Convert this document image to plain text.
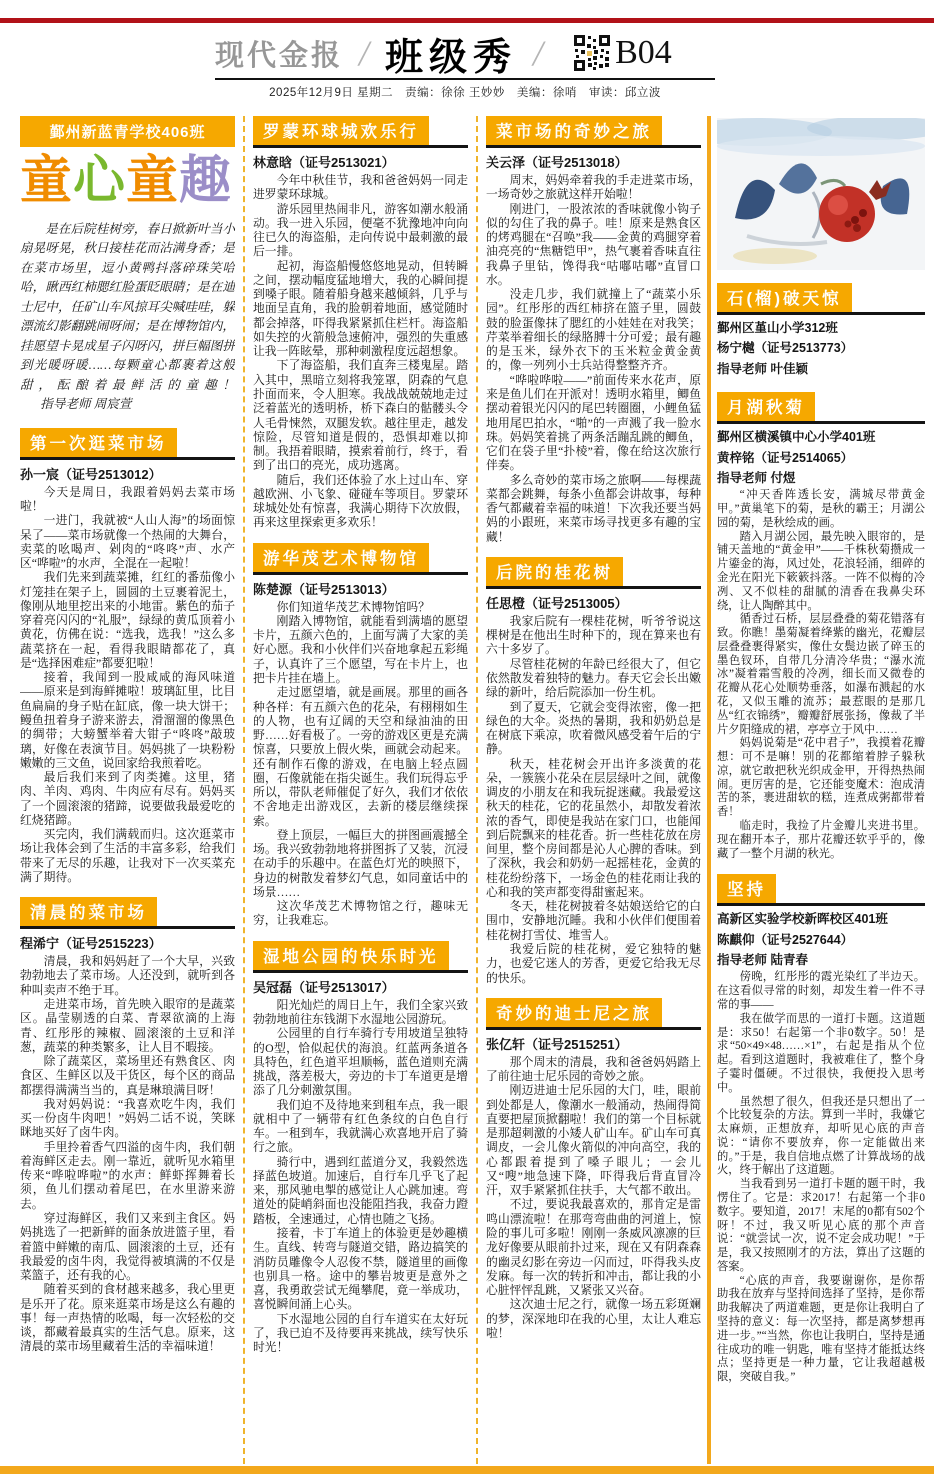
现代金报 / 班级秀 / B04
2025年12月9日 星期二　责编：徐徐 王妙妙　美编：徐哨　审读：邱立波
鄞州新蓝青学校406班
童心童趣

是在后院桂树旁，春日掀新叶当小扇晃呀晃，秋日接桂花而沾满身香；是在菜市场里，逗小黄鸭抖落碎珠笑哈哈，瞅西红柿腮红脸蛋眨眼睛；是在迪士尼中，任矿山车风掠耳尖喊哇哇，躲漂流幻影翻跳闹呀闹；是在博物馆内，挂愿望卡晃成星子闪呀闪，拼巨幅图拼到光暖呀暖……每颗童心都裹着这般甜，酝酿着最鲜活的童趣！指导老师 周宸萱

第一次逛菜市场
孙一宸（证号2513012）

今天是周日，我跟着妈妈去菜市场啦！

一进门，我就被“人山人海”的场面惊呆了——菜市场就像一个热闹的大舞台，卖菜的吆喝声、剁肉的“咚咚”声、水产区“哗啦”的水声，全混在一起啦！

我们先来到蔬菜摊，红红的番茄像小灯笼挂在架子上，圆圆的土豆裹着泥土，像刚从地里挖出来的小地雷。紫色的茄子穿着亮闪闪的“礼服”，绿绿的黄瓜顶着小黄花，仿佛在说：“选我，选我！”这么多蔬菜挤在一起，看得我眼睛都花了，真是“选择困难症”都要犯啦！

接着，我闻到一股咸咸的海风味道——原来是到海鲜摊啦！玻璃缸里，比目鱼扁扁的身子贴在缸底，像一块大饼干；鳗鱼扭着身子游来游去，滑溜溜的像黑色的绸带；大螃蟹举着大钳子“咚咚”敲玻璃，好像在表演节目。妈妈挑了一块粉粉嫩嫩的三文鱼，说回家给我煎着吃。

最后我们来到了肉类摊。这里，猪肉、羊肉、鸡肉、牛肉应有尽有。妈妈买了一个圆滚滚的猪蹄，说要做我最爱吃的红烧猪蹄。

买完肉，我们满载而归。这次逛菜市场让我体会到了生活的丰富多彩，给我们带来了无尽的乐趣，让我对下一次买菜充满了期待。

清晨的菜市场
程浠宁（证号2515223）

清晨，我和妈妈赶了一个大早，兴致勃勃地去了菜市场。人还没到，就听到各种叫卖声不绝于耳。

走进菜市场，首先映入眼帘的是蔬菜区。晶莹剔透的白菜、青翠欲滴的上海青、红彤彤的辣椒、圆滚滚的土豆和洋葱，蔬菜的种类繁多，让人目不暇接。

除了蔬菜区，菜场里还有熟食区、肉食区、生鲜区以及干货区，每个区的商品都摆得满满当当的，真是琳琅满目呀！

我对妈妈说：“我喜欢吃牛肉，我们买一份卤牛肉吧！”妈妈二话不说，笑眯眯地买好了卤牛肉。

手里拎着香气四溢的卤牛肉，我们朝着海鲜区走去。刚一靠近，就听见水箱里传来“哗啦哗啦”的水声：鲜虾挥舞着长须，鱼儿们摆动着尾巴，在水里游来游去。

穿过海鲜区，我们又来到主食区。妈妈挑选了一把新鲜的面条放进篮子里，看着篮中鲜嫩的南瓜、圆滚滚的土豆，还有我最爱的卤牛肉，我觉得被填满的不仅是菜篮子，还有我的心。

随着买到的食材越来越多，我心里更是乐开了花。原来逛菜市场是这么有趣的事！每一声热情的吆喝，每一次轻松的交谈，都藏着最真实的生活气息。原来，这清晨的菜市场里藏着生活的幸福味道！

罗蒙环球城欢乐行
林意晗（证号2513021）

今年中秋佳节，我和爸爸妈妈一同走进罗蒙环球城。

游乐园里热闹非凡，游客如潮水般涌动。我一进入乐园，便毫不犹豫地冲向向往已久的海盗船，走向传说中最刺激的最后一排。

起初，海盗船慢悠悠地晃动，但转瞬之间，摆动幅度猛地增大，我的心瞬间提到嗓子眼。随着船身越来越倾斜，几乎与地面呈直角，我的脸朝着地面，感觉随时都会掉落，吓得我紧紧抓住栏杆。海盗船如失控的火箭般急速俯冲，强烈的失重感让我一阵眩晕，那种刺激程度远超想象。

下了海盗船，我们直奔三楼鬼屋。踏入其中，黑暗立刻将我笼罩，阴森的气息扑面而来，令人胆寒。我战战兢兢地走过泛着蓝光的透明桥，桥下森白的骷髅头令人毛骨悚然，双腿发软。越往里走，越发惊险，尽管知道是假的，恐惧却难以抑制。我捂着眼睛，摸索着前行，终于，看到了出口的亮光，成功逃离。

随后，我们还体验了水上过山车、穿越欧洲、小飞象、碰碰车等项目。罗蒙环球城处处有惊喜，我满心期待下次放假，再来这里探索更多欢乐！

游华茂艺术博物馆
陈楚源（证号2513013）

你们知道华茂艺术博物馆吗？

刚踏入博物馆，就能看到满墙的愿望卡片，五颜六色的，上面写满了大家的美好心愿。我和小伙伴们兴奋地拿起五彩绳子，认真许了三个愿望，写在卡片上，也把卡片挂在墙上。

走过愿望墙，就是画展。那里的画各种各样：有五颜六色的花朵，有栩栩如生的人物，也有辽阔的天空和绿油油的田野……好看极了。一旁的游戏区更是充满惊喜，只要放上假火柴，画就会动起来。还有制作石像的游戏，在电脑上轻点圆圈，石像就能在指尖诞生。我们玩得忘乎所以，带队老师催促了好久，我们才依依不舍地走出游戏区，去新的楼层继续探索。

登上顶层，一幅巨大的拼图画震撼全场。我兴致勃勃地将拼图拆了又装，沉浸在动手的乐趣中。在蓝色灯光的映照下，身边的树散发着梦幻气息，如同童话中的场景……

这次华茂艺术博物馆之行，趣味无穷，让我难忘。

湿地公园的快乐时光
吴冠磊（证号2513017）

阳光灿烂的周日上午，我们全家兴致勃勃地前往东钱湖下水湿地公园游玩。

公园里的自行车骑行专用坡道呈独特的O型，恰似起伏的海浪。红蓝两条道各具特色，红色道平坦顺畅，蓝色道则充满挑战，落差极大，旁边的卡丁车道更是增添了几分刺激氛围。

我们迫不及待地来到租车点，我一眼就相中了一辆带有红色条纹的白色自行车。一租到车，我就满心欢喜地开启了骑行之旅。

骑行中，遇到红蓝道分叉，我毅然选择蓝色坡道。加速后，自行车几乎飞了起来，那风驰电掣的感觉让人心跳加速。弯道处的陡峭斜面也没能阻挡我，我奋力蹬踏板，全速通过，心情也随之飞扬。

接着，卡丁车道上的体验更是妙趣横生。直线、转弯与隧道交错，路边搞笑的消防员雕像令人忍俊不禁，隧道里的画像也别具一格。途中的攀岩坡更是意外之喜，我勇敢尝试无绳攀爬，竟一举成功，喜悦瞬间涌上心头。

下水湿地公园的自行车道实在太好玩了，我已迫不及待要再来挑战，续写快乐时光！

菜市场的奇妙之旅
关云泽（证号2513018）

周末，妈妈牵着我的手走进菜市场，一场奇妙之旅就这样开始啦！

刚进门，一股浓浓的香味就像小钩子似的勾住了我的鼻子。哇！原来是熟食区的烤鸡腿在“召唤”我——金黄的鸡腿穿着油亮亮的“焦糖铠甲”，热气裹着香味直往我鼻子里钻，馋得我“咕嘟咕嘟”直冒口水。

没走几步，我们就撞上了“蔬菜小乐园”。红彤彤的西红柿挤在篮子里，圆鼓鼓的脸蛋像抹了腮红的小娃娃在对我笑；芹菜举着细长的绿胳膊十分可爱；最有趣的是玉米，绿外衣下的玉米粒金黄金黄的，像一列列小士兵站得整整齐齐。

“哗啦哗啦——”前面传来水花声，原来是鱼儿们在开派对！透明水箱里，鲫鱼摆动着银光闪闪的尾巴转圈圈，小鲤鱼猛地用尾巴拍水，“啪”的一声溅了我一脸水珠。妈妈笑着挑了两条活蹦乱跳的鲫鱼，它们在袋子里“扑棱”着，像在给这次旅行伴奏。

多么奇妙的菜市场之旅啊——每棵蔬菜都会跳舞，每条小鱼都会讲故事，每种香气都藏着幸福的味道！下次我还要当妈妈的小跟班，来菜市场寻找更多有趣的宝藏！

后院的桂花树
任思橙（证号2513005）

我家后院有一棵桂花树，听爷爷说这棵树是在他出生时种下的，现在算来也有六十多岁了。

尽管桂花树的年龄已经很大了，但它依然散发着独特的魅力。春天它会长出嫩绿的新叶，给后院添加一份生机。

到了夏天，它就会变得浓密，像一把绿色的大伞。炎热的暑期，我和奶奶总是在树底下乘凉，吹着微风感受着午后的宁静。

秋天，桂花树会开出许多淡黄的花朵，一簇簇小花朵在层层绿叶之间，就像调皮的小朋友在和我玩捉迷藏。我最爱这秋天的桂花，它的花虽然小，却散发着浓浓的香气，即使是我站在家门口，也能闻到后院飘来的桂花香。折一些桂花放在房间里，整个房间都是沁人心脾的香味。到了深秋，我会和奶奶一起摇桂花，金黄的桂花纷纷落下，一场金色的桂花雨让我的心和我的笑声都变得甜蜜起来。

冬天，桂花树披着冬姑娘送给它的白围巾，安静地沉睡。我和小伙伴们便围着桂花树打雪仗、堆雪人。

我爱后院的桂花树，爱它独特的魅力，也爱它迷人的芳香，更爱它给我无尽的快乐。

奇妙的迪士尼之旅
张亿轩（证号2515251）

那个周末的清晨，我和爸爸妈妈踏上了前往迪士尼乐园的奇妙之旅。

刚迈进迪士尼乐园的大门，哇，眼前到处都是人，像潮水一般涌动，热闹得简直要把屋顶掀翻啦！我们的第一个目标就是那超刺激的小矮人矿山车。矿山车可真调皮，一会儿像火箭似的冲向高空，我的心都跟着提到了嗓子眼儿；一会儿又“嗖”地急速下降，吓得我后背直冒冷汗，双手紧紧抓住扶手，大气都不敢出。

不过，要说我最喜欢的，那肯定是雷鸣山漂流啦！在那弯弯曲曲的河道上，惊险的事儿可多啦！刚刚一条威风凛凛的巨龙好像要从眼前扑过来，现在又有阴森森的幽灵幻影在旁边一闪而过，吓得我头皮发麻。每一次的转折和冲击，都让我的小心脏怦怦乱跳，又紧张又兴奋。

这次迪士尼之行，就像一场五彩斑斓的梦，深深地印在我的心里，太让人难忘啦！

石(榴)破天惊
鄞州区堇山小学312班
杨宁樾（证号2513773）
指导老师 叶佳颖
月湖秋菊
鄞州区横溪镇中心小学401班
黄梓铭（证号2514065）
指导老师 付煜

“冲天香阵透长安，满城尽带黄金甲。”黄巢笔下的菊，是秋的霸王；月湖公园的菊，是秋绘成的画。

踏入月湖公园，最先映入眼帘的，是铺天盖地的“黄金甲”——千株秋菊攒成一片鎏金的海，风过处，花浪轻涌，细碎的金光在阳光下簌簌抖落。一阵不似梅的冷冽、又不似桂的甜腻的清香在我鼻尖环绕，让人陶醉其中。

循香过石桥，层层叠叠的菊花错落有致。你瞧！墨菊凝着绛紫的幽光，花瓣层层叠叠裹得紧实，像仕女鬓边嵌了碎玉的墨色钗环，自带几分清冷华贵；“瀑水流冰”凝着霜雪般的冷冽，细长而又微卷的花瓣从花心处顺势垂落，如瀑布溅起的水花，又似玉雕的流苏；最惹眼的是那几丛“红衣锦绣”，瓣瓣舒展张扬，像裁了半片夕阳缝成的裙，亭亭立于风中……

妈妈说菊是“花中君子”，我摸着花瓣想：可不是嘛！别的花都缩着脖子躲秋凉，就它敢把秋光织成金甲，开得热热闹闹。更厉害的是，它还能变魔术：泡成清苦的茶，裹进甜软的糕，连煮成粥都带着香！

临走时，我捡了片金瓣儿夹进书里。现在翻开本子，那片花瓣还软乎乎的，像藏了一整个月湖的秋光。

坚持
高新区实验学校新晖校区401班
陈麒仰（证号2527644）
指导老师 陆青春

傍晚，红彤彤的霞光染红了半边天。在这看似寻常的时刻，却发生着一件不寻常的事——

我在做学而思的一道打卡题。这道题是：求50！右起第一个非0数字。50！是求“50×49×48……×1”，右起是指从个位起。看到这道题时，我被难住了，整个身子霎时僵硬。不过很快，我便投入思考中。

虽然想了很久，但我还是只想出了一个比较复杂的方法。算到一半时，我嫌它太麻烦，正想放弃，却听见心底的声音说：“请你不要放弃，你一定能做出来的。”于是，我自信地点燃了计算战场的战火，终于解出了这道题。

当我看到另一道打卡题的题干时，我愣住了。它是：求2017！右起第一个非0数字。要知道，2017！末尾的0都有502个呀！不过，我又听见心底的那个声音说：“就尝试一次，说不定会成功呢！”于是，我又按照刚才的方法，算出了这题的答案。

“心底的声音，我要谢谢你，是你帮助我在放弃与坚持间选择了坚持，是你帮助我解决了两道难题，更是你让我明白了坚持的意义：每一次坚持，都是离梦想再进一步。”“当然，你也让我明白，坚持是通往成功的唯一钥匙，唯有坚持才能抵达终点；坚持更是一种力量，它让我超越极限，突破自我。”
